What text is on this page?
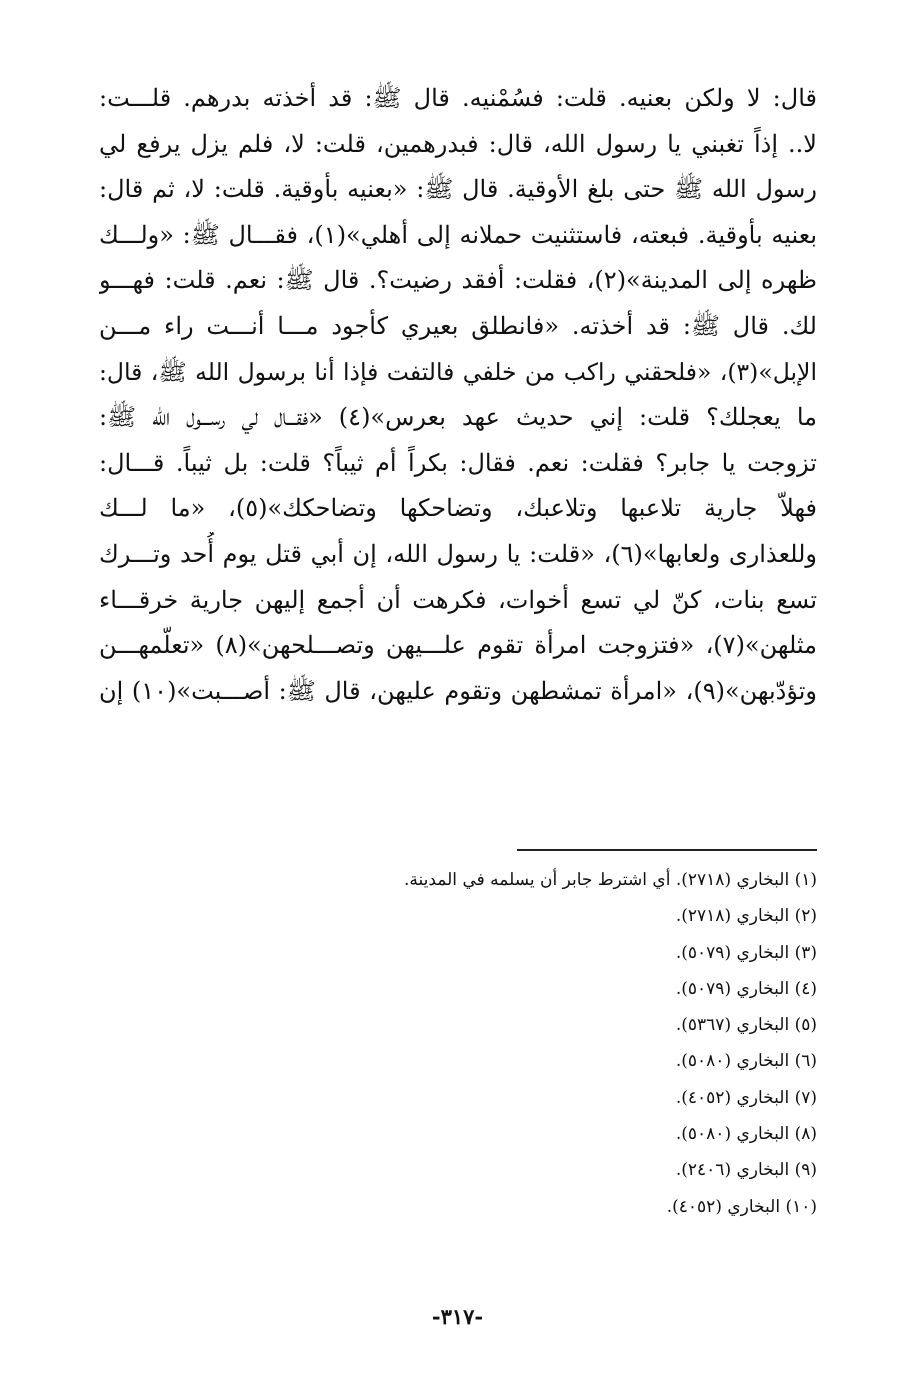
قال: لا ولكن بعنيه. قلت: فسُمْنيه. قال ﷺ: قد أخذته بدرهم. قلـــت:
لا.. إذاً تغبني يا رسول الله، قال: فبدرهمين، قلت: لا، فلم يزل يرفع لي
رسول الله ﷺ حتى بلغ الأوقية. قال ﷺ: «بعنيه بأوقية. قلت: لا، ثم قال:
بعنيه بأوقية. فبعته، فاستثنيت حملانه إلى أهلي»(١)، فقـــال ﷺ: «ولـــك
ظهره إلى المدينة»(٢)، فقلت: أفقد رضيت؟. قال ﷺ: نعم. قلت: فهـــو
لك. قال ﷺ: قد أخذته. «فانطلق بعيري كأجود مـــا أنـــت راء مـــن
الإبل»(٣)، «فلحقني راكب من خلفي فالتفت فإذا أنا برسول الله ﷺ، قال:
ما يعجلك؟ قلت: إني حديث عهد بعرس»(٤) «فقـــال لي رســـول الله ﷺ:
تزوجت يا جابر؟ فقلت: نعم. فقال: بكراً أم ثيباً؟ قلت: بل ثيباً. قـــال:
فهلاّ جارية تلاعبها وتلاعبك، وتضاحكها وتضاحكك»(٥)، «ما لـــك
وللعذارى ولعابها»(٦)، «قلت: يا رسول الله، إن أبي قتل يوم أُحد وتـــرك
تسع بنات، كنّ لي تسع أخوات، فكرهت أن أجمع إليهن جارية خرقـــاء
مثلهن»(٧)، «فتزوجت امرأة تقوم علـــيهن وتصـــلحهن»(٨) «تعلّمهـــن
وتؤدّبهن»(٩)، «امرأة تمشطهن وتقوم عليهن، قال ﷺ: أصـــبت»(١٠) إن
(١) البخاري (٢٧١٨). أي اشترط جابر أن يسلمه في المدينة.
(٢) البخاري (٢٧١٨).
(٣) البخاري (٥٠٧٩).
(٤) البخاري (٥٠٧٩).
(٥) البخاري (٥٣٦٧).
(٦) البخاري (٥٠٨٠).
(٧) البخاري (٤٠٥٢).
(٨) البخاري (٥٠٨٠).
(٩) البخاري (٢٤٠٦).
(١٠) البخاري (٤٠٥٢).
-٣١٧-
